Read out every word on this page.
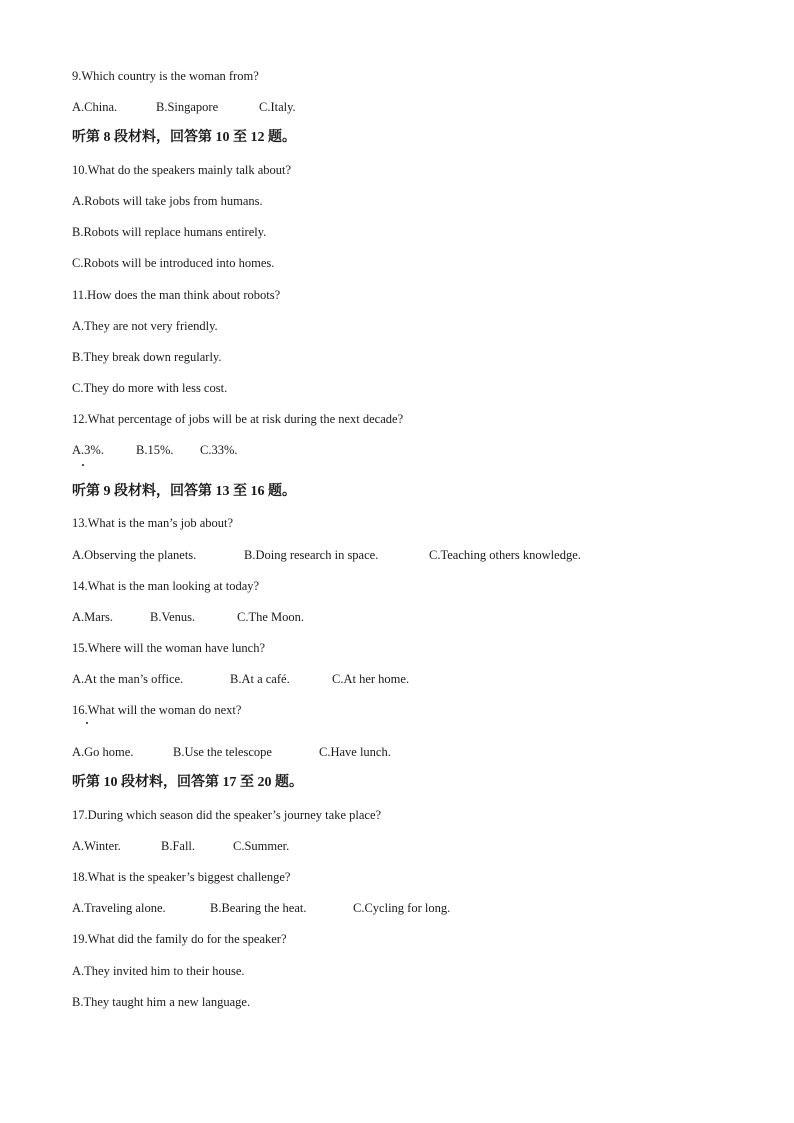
9.Which country is the woman from?
A.China.	B.Singapore	C.Italy.
听第 8 段材料，回答第 10 至 12 题。
10.What do the speakers mainly talk about?
A.Robots will take jobs from humans.
B.Robots will replace humans entirely.
C.Robots will be introduced into homes.
11.How does the man think about robots?
A.They are not very friendly.
B.They break down regularly.
C.They do more with less cost.
12.What percentage of jobs will be at risk during the next decade?
A.3%.	B.15%. C.33%.
听第 9 段材料，回答第 13 至 16 题。
13.What is the man’s job about?
A.Observing the planets.	B.Doing research in space.	C.Teaching others knowledge.
14.What is the man looking at today?
A.Mars.	B.Venus.	C.The Moon.
15.Where will the woman have lunch?
A.At the man’s office.	B.At a café.	C.At her home.
16.What will the woman do next?
A.Go home.	B.Use the telescope	C.Have lunch.
听第 10 段材料，回答第 17 至 20 题。
17.During which season did the speaker’s journey take place?
A.Winter.	B.Fall.	C.Summer.
18.What is the speaker’s biggest challenge?
A.Traveling alone.	B.Bearing the heat.	C.Cycling for long.
19.What did the family do for the speaker?
A.They invited him to their house.
B.They taught him a new language.
